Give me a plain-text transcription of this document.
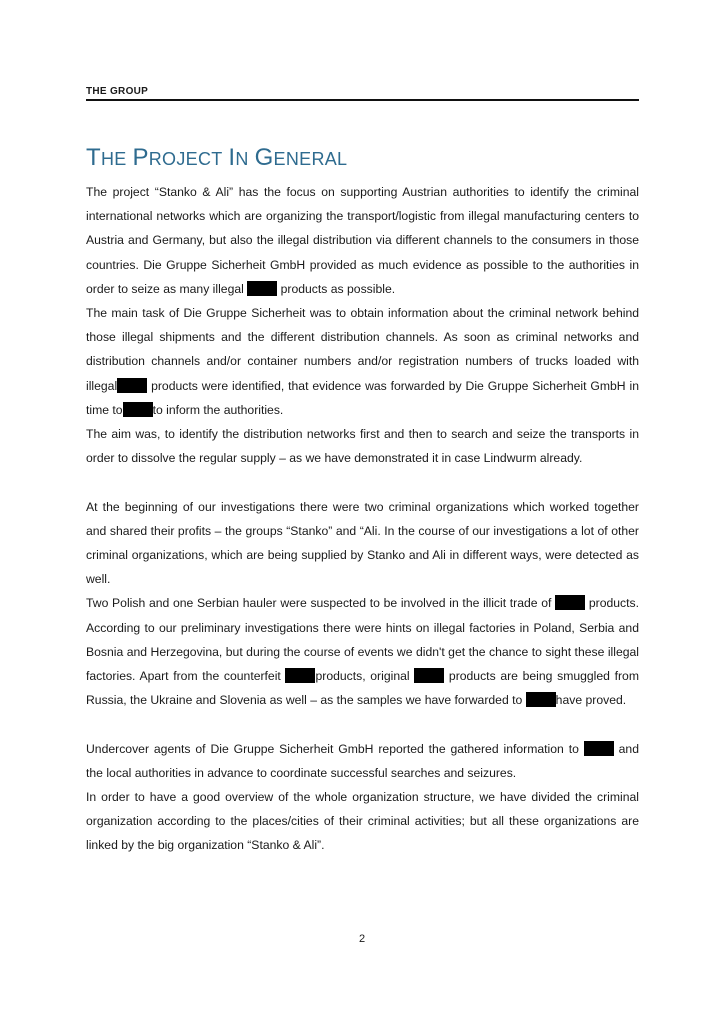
THE GROUP
THE PROJECT IN GENERAL

The project “Stanko & Ali” has the focus on supporting Austrian authorities to identify the criminal international networks which are organizing the transport/logistic from illegal manufacturing centers to Austria and Germany, but also the illegal distribution via different channels to the consumers in those countries. Die Gruppe Sicherheit GmbH provided as much evidence as possible to the authorities in order to seize as many illegal  products as possible.

The main task of Die Gruppe Sicherheit was to obtain information about the criminal network behind those illegal shipments and the different distribution channels. As soon as criminal networks and distribution channels and/or container numbers and/or registration numbers of trucks loaded with illegal products were identified, that evidence was forwarded by Die Gruppe Sicherheit GmbH in time to to inform the authorities.

The aim was, to identify the distribution networks first and then to search and seize the transports in order to dissolve the regular supply – as we have demonstrated it in case Lindwurm already.

At the beginning of our investigations there were two criminal organizations which worked together and shared their profits – the groups “Stanko” and “Ali. In the course of our investigations a lot of other criminal organizations, which are being supplied by Stanko and Ali in different ways, were detected as well.

Two Polish and one Serbian hauler were suspected to be involved in the illicit trade of  products. According to our preliminary investigations there were hints on illegal factories in Poland, Serbia and Bosnia and Herzegovina, but during the course of events we didn't get the chance to sight these illegal factories. Apart from the counterfeit products, original  products are being smuggled from Russia, the Ukraine and Slovenia as well – as the samples we have forwarded to have proved.

Undercover agents of Die Gruppe Sicherheit GmbH reported the gathered information to  and the local authorities in advance to coordinate successful searches and seizures.

In order to have a good overview of the whole organization structure, we have divided the criminal organization according to the places/cities of their criminal activities; but all these organizations are linked by the big organization “Stanko & Ali”.

2
